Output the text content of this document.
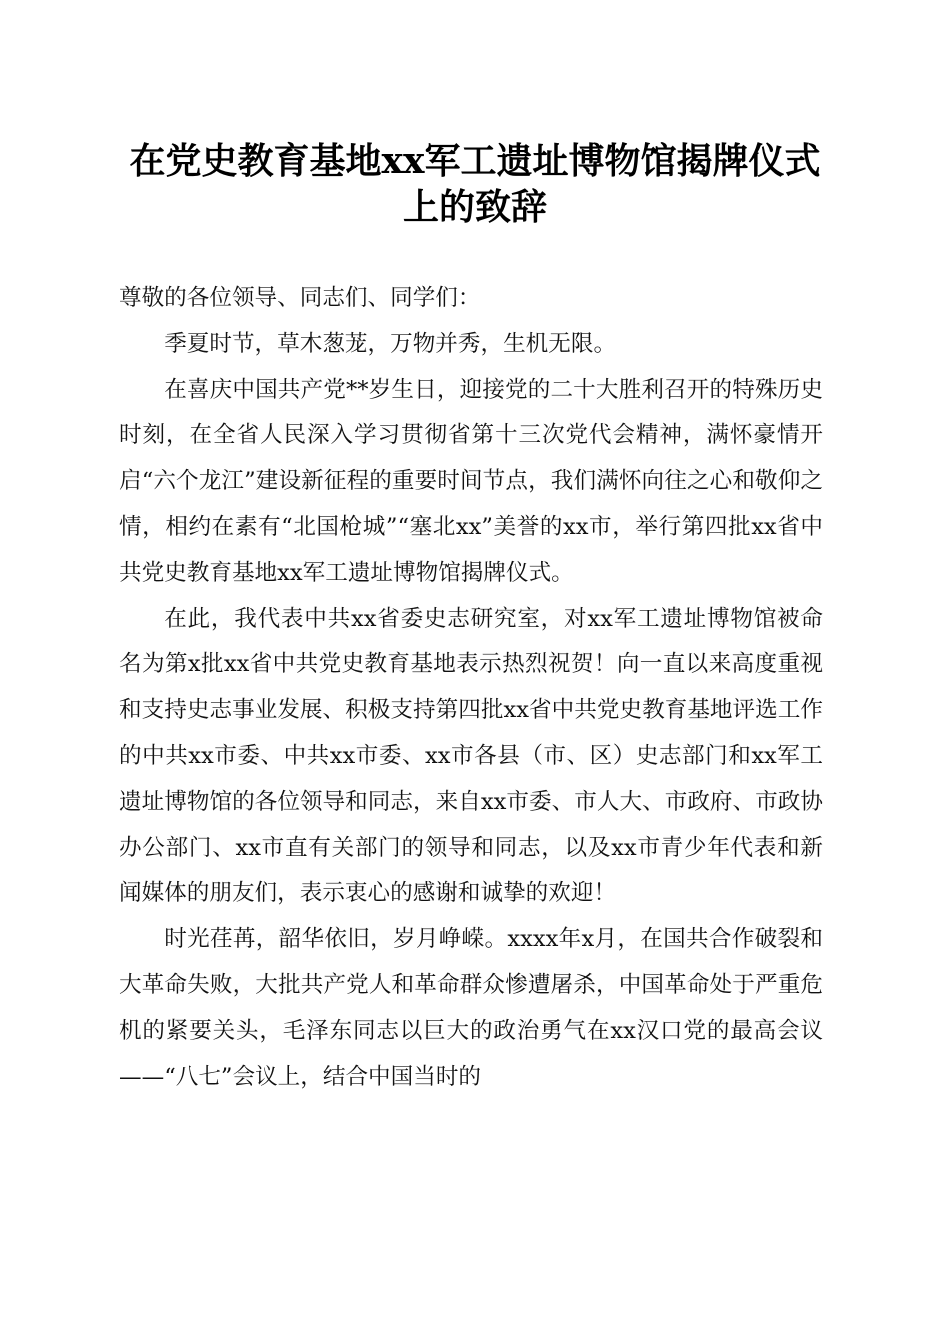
在党史教育基地xx军工遗址博物馆揭牌仪式
上的致辞

尊敬的各位领导、同志们、同学们：

季夏时节，草木葱茏，万物并秀，生机无限。

在喜庆中国共产党**岁生日，迎接党的二十大胜利召开的特殊历史时刻，在全省人民深入学习贯彻省第十三次党代会精神，满怀豪情开启“六个龙江”建设新征程的重要时间节点，我们满怀向往之心和敬仰之情，相约在素有“北国枪城”“塞北xx”美誉的xx市，举行第四批xx省中共党史教育基地xx军工遗址博物馆揭牌仪式。

在此，我代表中共xx省委史志研究室，对xx军工遗址博物馆被命名为第x批xx省中共党史教育基地表示热烈祝贺！向一直以来高度重视和支持史志事业发展、积极支持第四批xx省中共党史教育基地评选工作的中共xx市委、中共xx市委、xx市各县（市、区）史志部门和xx军工遗址博物馆的各位领导和同志，来自xx市委、市人大、市政府、市政协办公部门、xx市直有关部门的领导和同志，以及xx市青少年代表和新闻媒体的朋友们，表示衷心的感谢和诚挚的欢迎！

时光荏苒，韶华依旧，岁月峥嵘。xxxx年x月，在国共合作破裂和大革命失败，大批共产党人和革命群众惨遭屠杀，中国革命处于严重危机的紧要关头，毛泽东同志以巨大的政治勇气在xx汉口党的最高会议——“八七”会议上，结合中国当时的
